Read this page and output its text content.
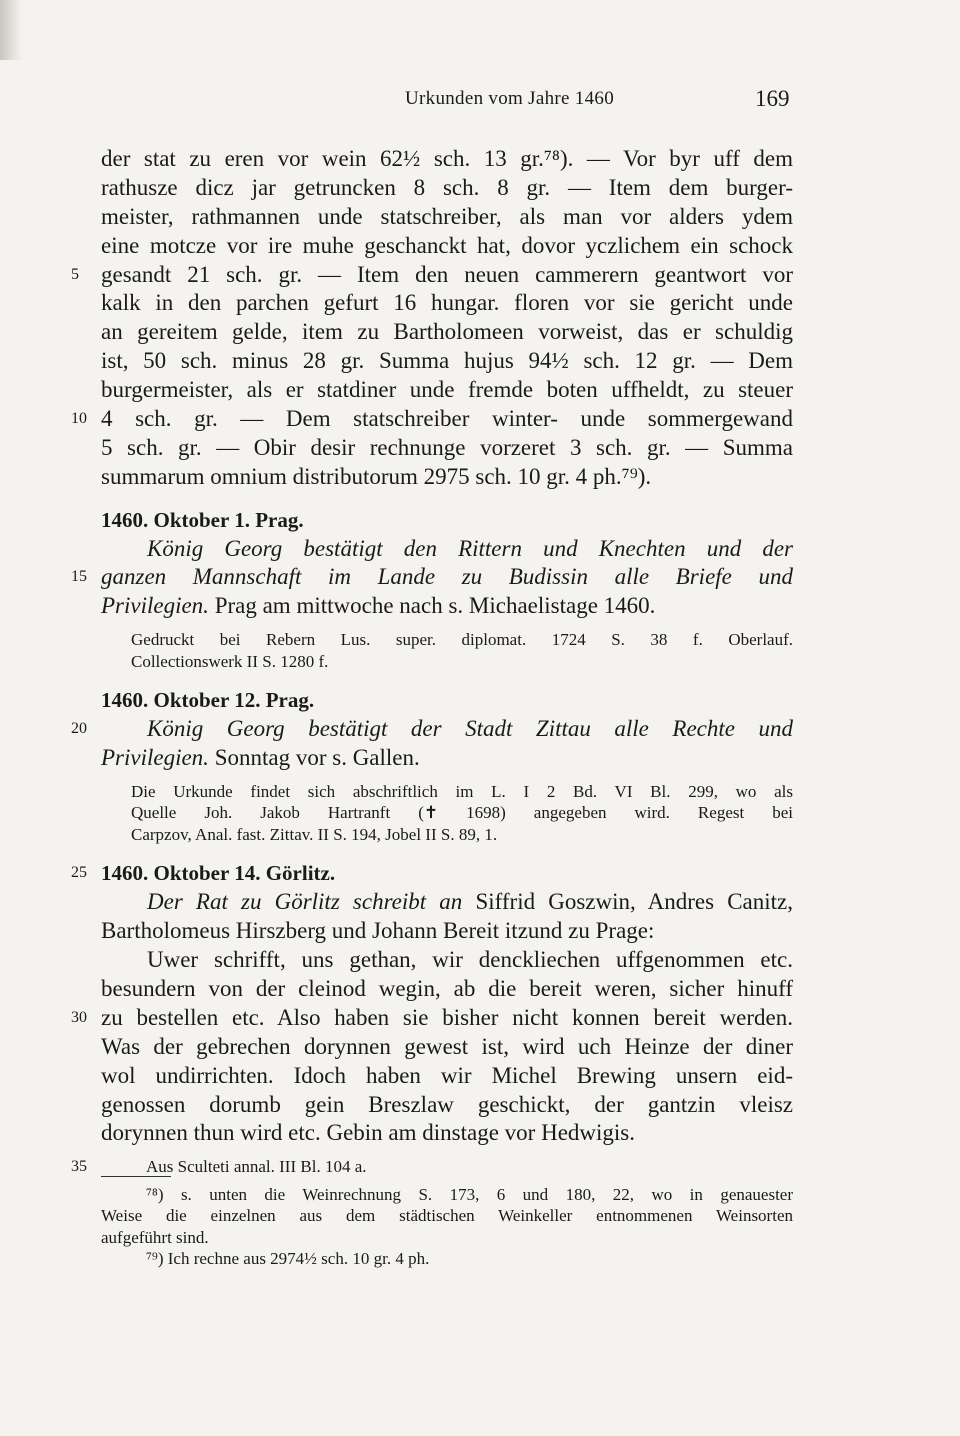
Urkunden vom Jahre 1460	169
der stat zu eren vor wein 62½ sch. 13 gr.⁷⁸). — Vor byr uff dem
rathusze dicz jar getruncken 8 sch. 8 gr. — Item dem burger-
meister, rathmannen unde statschreiber, als man vor alders ydem
eine motcze vor ire muhe geschanckt hat, dovor yczlichem ein schock
5 gesandt 21 sch. gr. — Item den neuen cammerern geantwort vor
kalk in den parchen gefurt 16 hungar. floren vor sie gericht unde
an gereitem gelde, item zu Bartholomeen vorweist, das er schuldig
ist, 50 sch. minus 28 gr. Summa hujus 94½ sch. 12 gr. — Dem
burgermeister, als er statdiner unde fremde boten uffheldt, zu steuer
10 4 sch. gr. — Dem statschreiber winter- unde sommergewand
5 sch. gr. — Obir desir rechnunge vorzeret 3 sch. gr. — Summa
summarum omnium distributorum 2975 sch. 10 gr. 4 ph.⁷⁹).
1460. Oktober 1. Prag.
König Georg bestätigt den Rittern und Knechten und der
15 ganzen Mannschaft im Lande zu Budissin alle Briefe und
Privilegien. Prag am mittwoche nach s. Michaelistage 1460.
Gedruckt bei Rebern Lus. super. diplomat. 1724 S. 38 f. Oberlauf.
Collectionswerk II S. 1280 f.
1460. Oktober 12. Prag.
20	König Georg bestätigt der Stadt Zittau alle Rechte und
Privilegien. Sonntag vor s. Gallen.
Die Urkunde findet sich abschriftlich im L. I 2 Bd. VI Bl. 299, wo als
Quelle Joh. Jakob Hartranft (✝ 1698) angegeben wird. Regest bei
Carpzov, Anal. fast. Zittav. II S. 194, Jobel II S. 89, 1.
25 1460. Oktober 14. Görlitz.
Der Rat zu Görlitz schreibt an Siffrid Goszwin, Andres Canitz,
Bartholomeus Hirszberg und Johann Bereit itzund zu Prage:
Uwer schrifft, uns gethan, wir denckliechen uffgenommen etc.
besundern von der cleinod wegin, ab die bereit weren, sicher hinuff
30 zu bestellen etc. Also haben sie bisher nicht konnen bereit werden.
Was der gebrechen dorynnen gewest ist, wird uch Heinze der diner
wol undirrichten. Idoch haben wir Michel Brewing unsern eid-
genossen dorumb gein Breszlaw geschickt, der gantzin vleisz
dorynnen thun wird etc. Gebin am dinstage vor Hedwigis.
35	Aus Sculteti annal. III Bl. 104 a.
⁷⁸) s. unten die Weinrechnung S. 173, 6 und 180, 22, wo in genauester
Weise die einzelnen aus dem städtischen Weinkeller entnommenen Weinsorten
aufgeführt sind.
⁷⁹) Ich rechne aus 2974½ sch. 10 gr. 4 ph.
